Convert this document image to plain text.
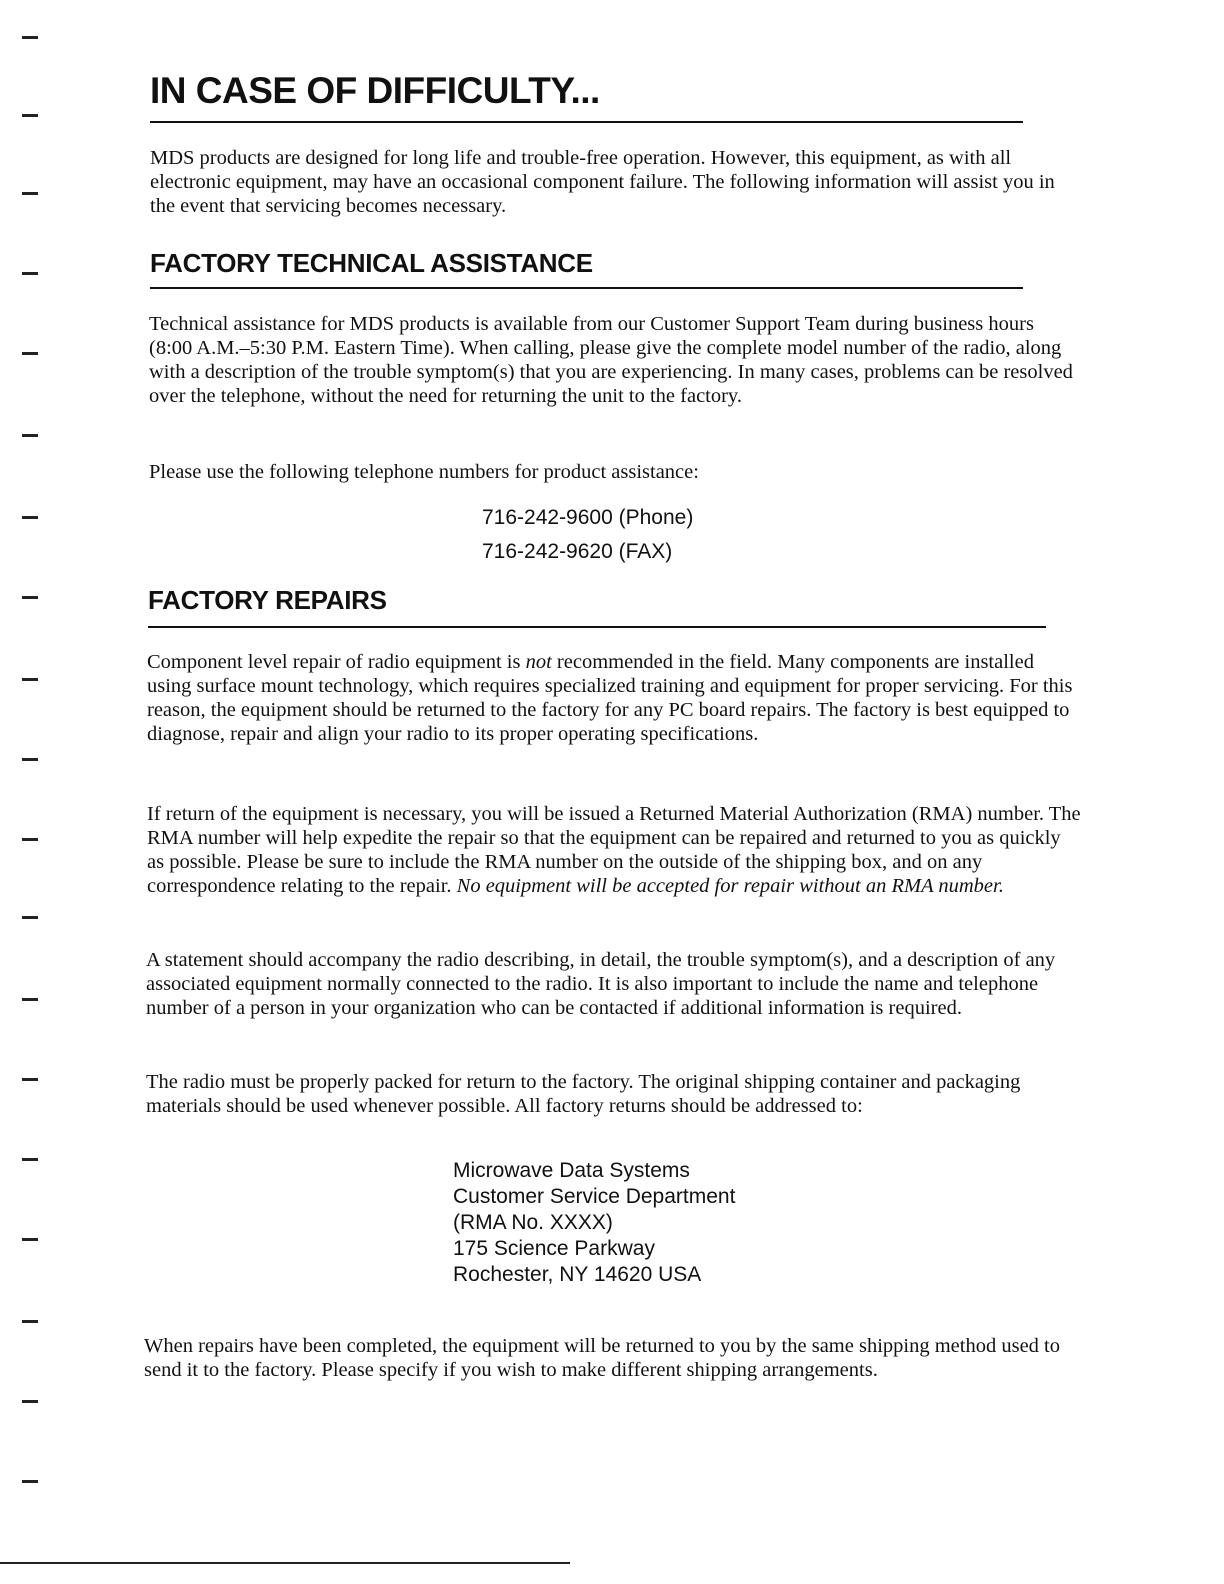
IN CASE OF DIFFICULTY...

MDS products are designed for long life and trouble-free operation. However, this equipment, as with all electronic equipment, may have an occasional component failure. The following information will assist you in the event that servicing becomes necessary.

FACTORY TECHNICAL ASSISTANCE

Technical assistance for MDS products is available from our Customer Support Team during business hours (8:00 A.M.–5:30 P.M. Eastern Time). When calling, please give the complete model number of the radio, along with a description of the trouble symptom(s) that you are experiencing. In many cases, problems can be resolved over the telephone, without the need for returning the unit to the factory.

Please use the following telephone numbers for product assistance:

716-242-9600 (Phone)
716-242-9620 (FAX)
FACTORY REPAIRS

Component level repair of radio equipment is not recommended in the field. Many components are installed using surface mount technology, which requires specialized training and equipment for proper servicing. For this reason, the equipment should be returned to the factory for any PC board repairs. The factory is best equipped to diagnose, repair and align your radio to its proper operating specifications.

If return of the equipment is necessary, you will be issued a Returned Material Authorization (RMA) number. The RMA number will help expedite the repair so that the equipment can be repaired and returned to you as quickly as possible. Please be sure to include the RMA number on the outside of the shipping box, and on any correspondence relating to the repair. No equipment will be accepted for repair without an RMA number.

A statement should accompany the radio describing, in detail, the trouble symptom(s), and a description of any associated equipment normally connected to the radio. It is also important to include the name and telephone number of a person in your organization who can be contacted if additional information is required.

The radio must be properly packed for return to the factory. The original shipping container and packaging materials should be used whenever possible. All factory returns should be addressed to:

Microwave Data Systems
Customer Service Department
(RMA No. XXXX)
175 Science Parkway
Rochester, NY 14620 USA

When repairs have been completed, the equipment will be returned to you by the same shipping method used to send it to the factory. Please specify if you wish to make different shipping arrangements.
